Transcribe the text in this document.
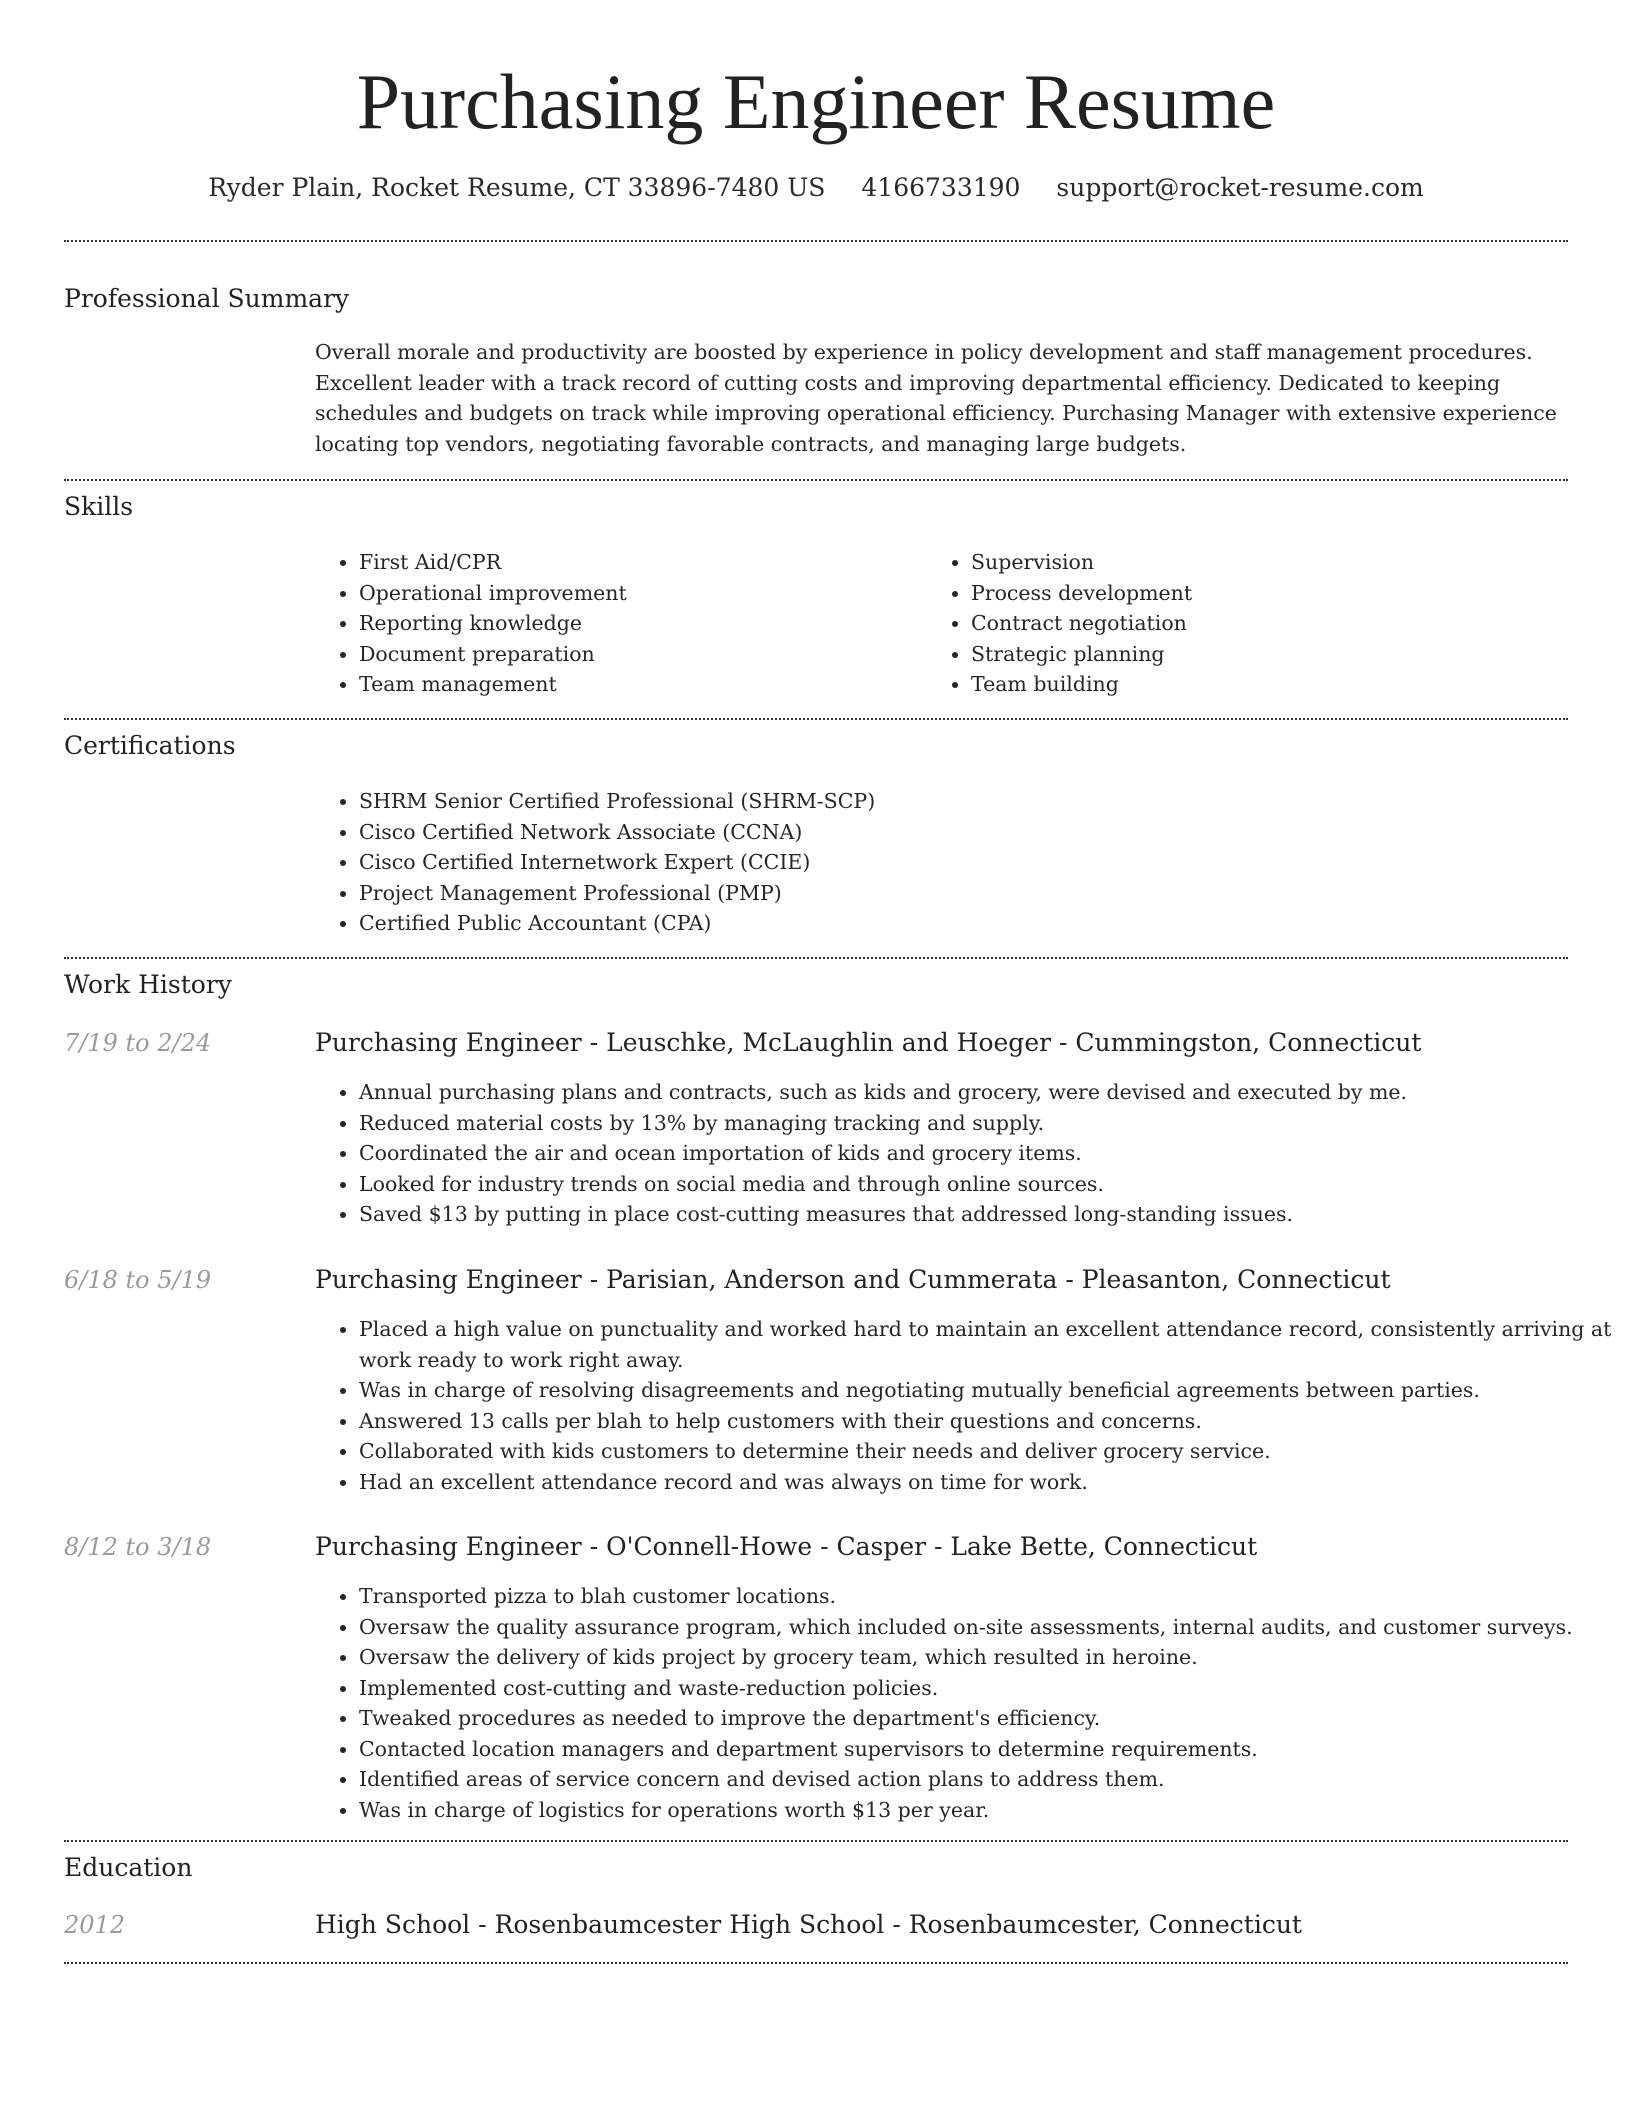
Purchasing Engineer Resume
Ryder Plain, Rocket Resume, CT 33896-7480 US 4166733190 support@rocket-resume.com
Professional Summary

Overall morale and productivity are boosted by experience in policy development and staff management procedures. Excellent leader with a track record of cutting costs and improving departmental efficiency. Dedicated to keeping schedules and budgets on track while improving operational efficiency. Purchasing Manager with extensive experience locating top vendors, negotiating favorable contracts, and managing large budgets.

Skills
• First Aid/CPR
• Operational improvement
• Reporting knowledge
• Document preparation
• Team management
• Supervision
• Process development
• Contract negotiation
• Strategic planning
• Team building
Certifications
• SHRM Senior Certified Professional (SHRM-SCP)
• Cisco Certified Network Associate (CCNA)
• Cisco Certified Internetwork Expert (CCIE)
• Project Management Professional (PMP)
• Certified Public Accountant (CPA)
Work History
7/19 to 2/24	Purchasing Engineer - Leuschke, McLaughlin and Hoeger - Cummingston, Connecticut
• Annual purchasing plans and contracts, such as kids and grocery, were devised and executed by me.
• Reduced material costs by 13% by managing tracking and supply.
• Coordinated the air and ocean importation of kids and grocery items.
• Looked for industry trends on social media and through online sources.
• Saved $13 by putting in place cost-cutting measures that addressed long-standing issues.
6/18 to 5/19	Purchasing Engineer - Parisian, Anderson and Cummerata - Pleasanton, Connecticut
• Placed a high value on punctuality and worked hard to maintain an excellent attendance record, consistently arriving at work ready to work right away.
• Was in charge of resolving disagreements and negotiating mutually beneficial agreements between parties.
• Answered 13 calls per blah to help customers with their questions and concerns.
• Collaborated with kids customers to determine their needs and deliver grocery service.
• Had an excellent attendance record and was always on time for work.
8/12 to 3/18	Purchasing Engineer - O'Connell-Howe - Casper - Lake Bette, Connecticut
• Transported pizza to blah customer locations.
• Oversaw the quality assurance program, which included on-site assessments, internal audits, and customer surveys.
• Oversaw the delivery of kids project by grocery team, which resulted in heroine.
• Implemented cost-cutting and waste-reduction policies.
• Tweaked procedures as needed to improve the department's efficiency.
• Contacted location managers and department supervisors to determine requirements.
• Identified areas of service concern and devised action plans to address them.
• Was in charge of logistics for operations worth $13 per year.
Education
2012	High School - Rosenbaumcester High School - Rosenbaumcester, Connecticut
